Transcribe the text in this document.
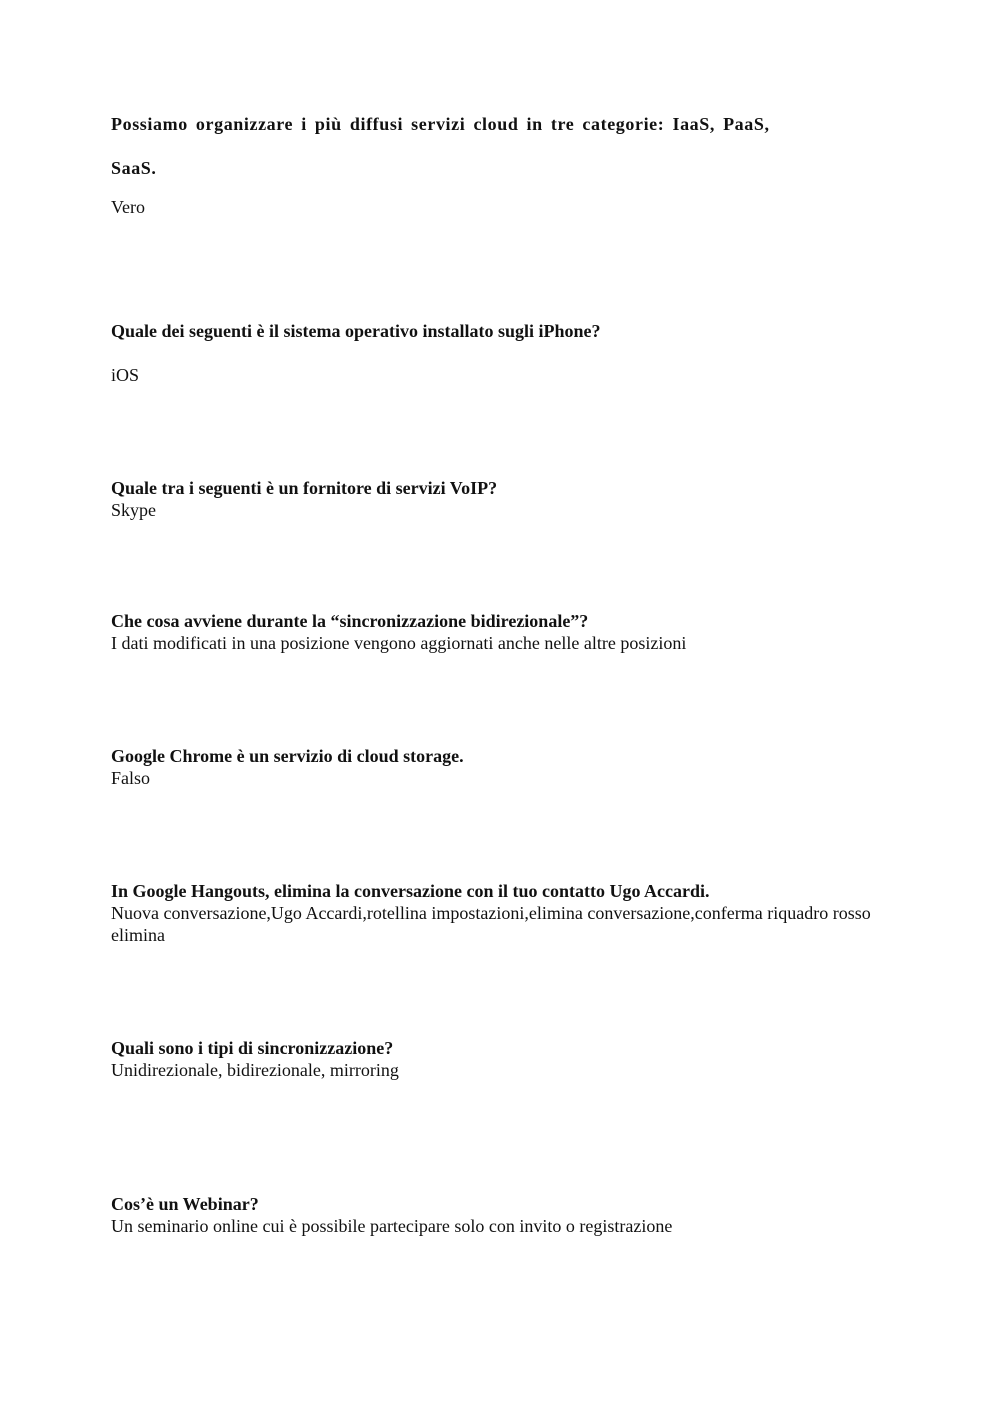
Possiamo organizzare i più diffusi servizi cloud in tre categorie: IaaS, PaaS,

SaaS.

Vero

Quale dei seguenti è il sistema operativo installato sugli iPhone?

iOS

Quale tra i seguenti è un fornitore di servizi VoIP?

Skype

Che cosa avviene durante la “sincronizzazione bidirezionale”?

I dati modificati in una posizione vengono aggiornati anche nelle altre posizioni

Google Chrome è un servizio di cloud storage.

Falso

In Google Hangouts, elimina la conversazione con il tuo contatto Ugo Accardi.

Nuova conversazione,Ugo Accardi,rotellina impostazioni,elimina conversazione,conferma riquadro rosso elimina

Quali sono i tipi di sincronizzazione?

Unidirezionale, bidirezionale, mirroring

Cos’è un Webinar?

Un seminario online cui è possibile partecipare solo con invito o registrazione
